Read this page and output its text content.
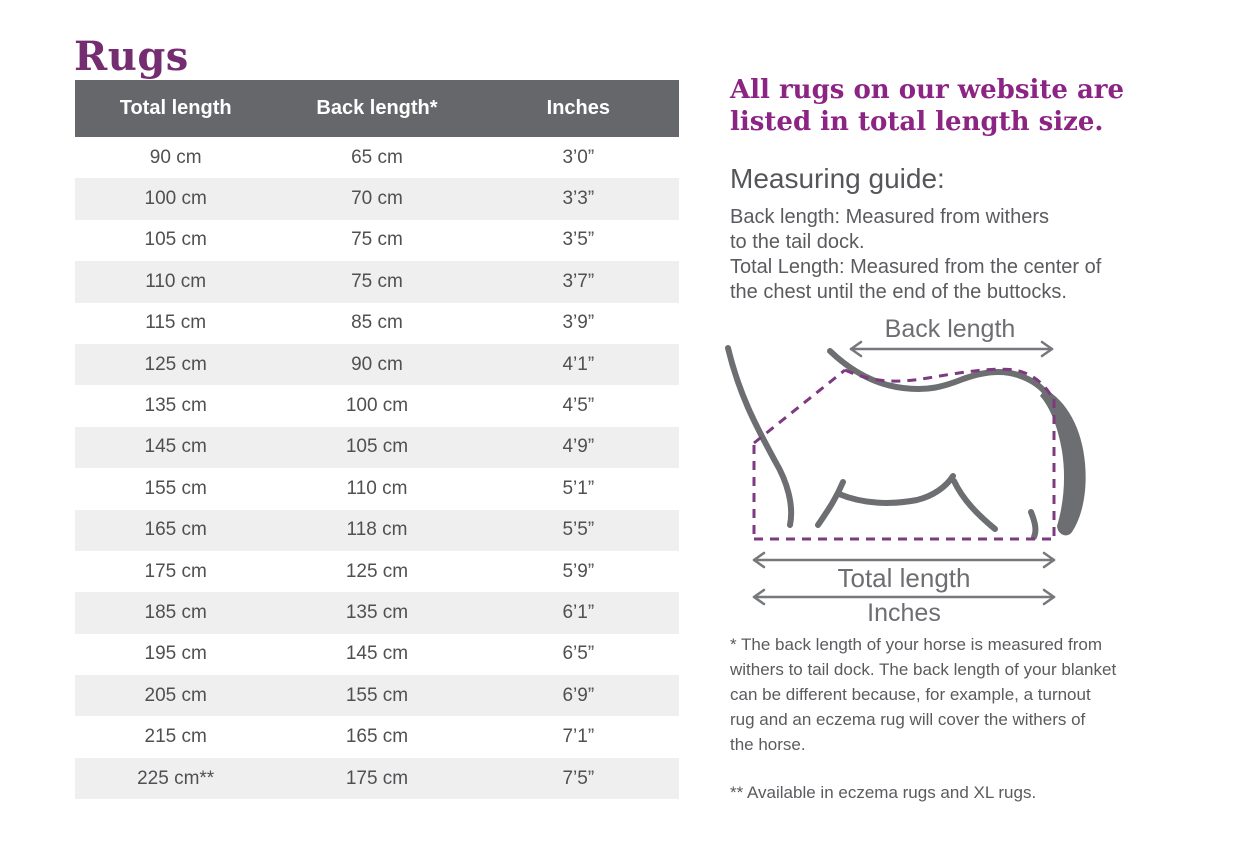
Rugs
Total length	Back length*	Inches
90 cm	65 cm	3’0”
100 cm	70 cm	3’3”
105 cm	75 cm	3’5”
110 cm	75 cm	3’7”
115 cm	85 cm	3’9”
125 cm	90 cm	4’1”
135 cm	100 cm	4’5”
145 cm	105 cm	4’9”
155 cm	110 cm	5’1”
165 cm	118 cm	5’5”
175 cm	125 cm	5’9”
185 cm	135 cm	6’1”
195 cm	145 cm	6’5”
205 cm	155 cm	6’9”
215 cm	165 cm	7’1”
225 cm**	175 cm	7’5”
All rugs on our website are listed in total length size.
Measuring guide:
Back length: Measured from withers
to the tail dock.
Total Length: Measured from the center of
the chest until the end of the buttocks.
Back length
Total length
Inches
* The back length of your horse is measured from
withers to tail dock. The back length of your blanket
can be different because, for example, a turnout
rug and an eczema rug will cover the withers of
the horse.
** Available in eczema rugs and XL rugs.
